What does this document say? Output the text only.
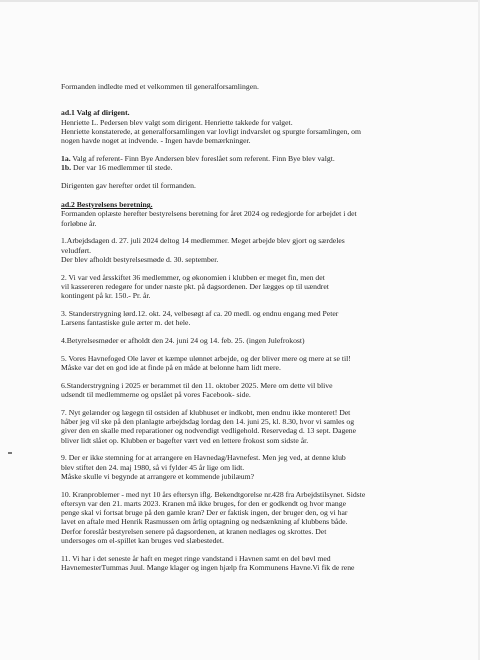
Formanden indledte med et velkommen til generalforsamlingen.

ad.1 Valg af dirigent.

Henriette L. Pedersen blev valgt som dirigent. Henriette takkede for valget.
Henriette konstaterede, at generalforsamlingen var lovligt indvarslet og spurgte forsamlingen, om
nogen havde noget at indvende. - Ingen havde bemærkninger.

1a. Valg af referent- Finn Bye Andersen blev foreslået som referent. Finn Bye blev valgt.
1b. Der var 16 medlemmer til stede.

Dirigenten gav herefter ordet til formanden.

ad.2 Bestyrelsens beretning.

Formanden oplæste herefter bestyrelsens beretning for året 2024 og redegjorde for arbejdet i det
forløbne år.

1.Arbejdsdagen d. 27. juli 2024 deltog 14 medlemmer. Meget arbejde blev gjort og særdeles
veludført.
Der blev afholdt bestyrelsesmøde d. 30. september.

2. Vi var ved årsskiftet 36 medlemmer, og økonomien i klubben er meget fin, men det
vil kassereren redegøre for under næste pkt. på dagsordenen. Der lægges op til uændret
kontingent på kr. 150.- Pr. år.

3. Standerstrygning lørd.12. okt. 24, velbesøgt af ca. 20 medl. og endnu engang med Peter
Larsens fantastiske gule ærter m. det hele.

4.Betyrelsesmøder er afholdt den 24. juni 24 og 14. feb. 25. (ingen Julefrokost)

5. Vores Havnefoged Ole laver et kæmpe ulønnet arbejde, og der bliver mere og mere at se til!
Måske var det en god ide at finde på en måde at belonne ham lidt mere.

6.Standerstrygning i 2025 er berammet til den 11. oktober 2025. Mere om dette vil blive
udsendt til medlemmerne og opslået på vores Facebook- side.

7. Nyt gelænder og lægegn til ostsiden af klubhuset er indkobt, men endnu ikke monteret! Det
håber jeg vil ske på den planlagte arbejdsdag lordag den 14. juni 25, kl. 8.30, hvor vi samles og
giver den en skalle med reparationer og nodvendigt vedligehold. Reservedag d. 13 sept. Dagene
bliver lidt slået op. Klubben er bagefter vært ved en lettere frokost som sidste år.

9. Der er ikke stemning for at arrangere en Havnedag/Havnefest. Men jeg ved, at denne klub
blev stiftet den 24. maj 1980, så vi fylder 45 år lige om lidt.
Måske skulle vi begynde at arrangere et kommende jubilæum?

10. Kranproblemer - med nyt 10 års eftersyn iflg. Bekendtgorelse nr.428 fra Arbejdstilsynet. Sidste
eftersyn var den 21. marts 2023. Kranen må ikke bruges, for den er godkendt og hvor mange
penge skal vi fortsat bruge på den gamle kran? Der er faktisk ingen, der bruger den, og vi har
lavet en aftale med Henrik Rasmussen om årlig optagning og nedsænkning af klubbens både.
Derfor foreslår bestyrelsen senere på dagsordenen, at kranen nedlages og skrottes. Det
undersoges om el-spillet kan bruges ved slæbestedet.

11. Vi har i det seneste år haft en meget ringe vandstand i Havnen samt en del bøvl med
HavnemesterTummas Juul. Mange klager og ingen hjælp fra Kommunens Havne.Vi fik de rene
